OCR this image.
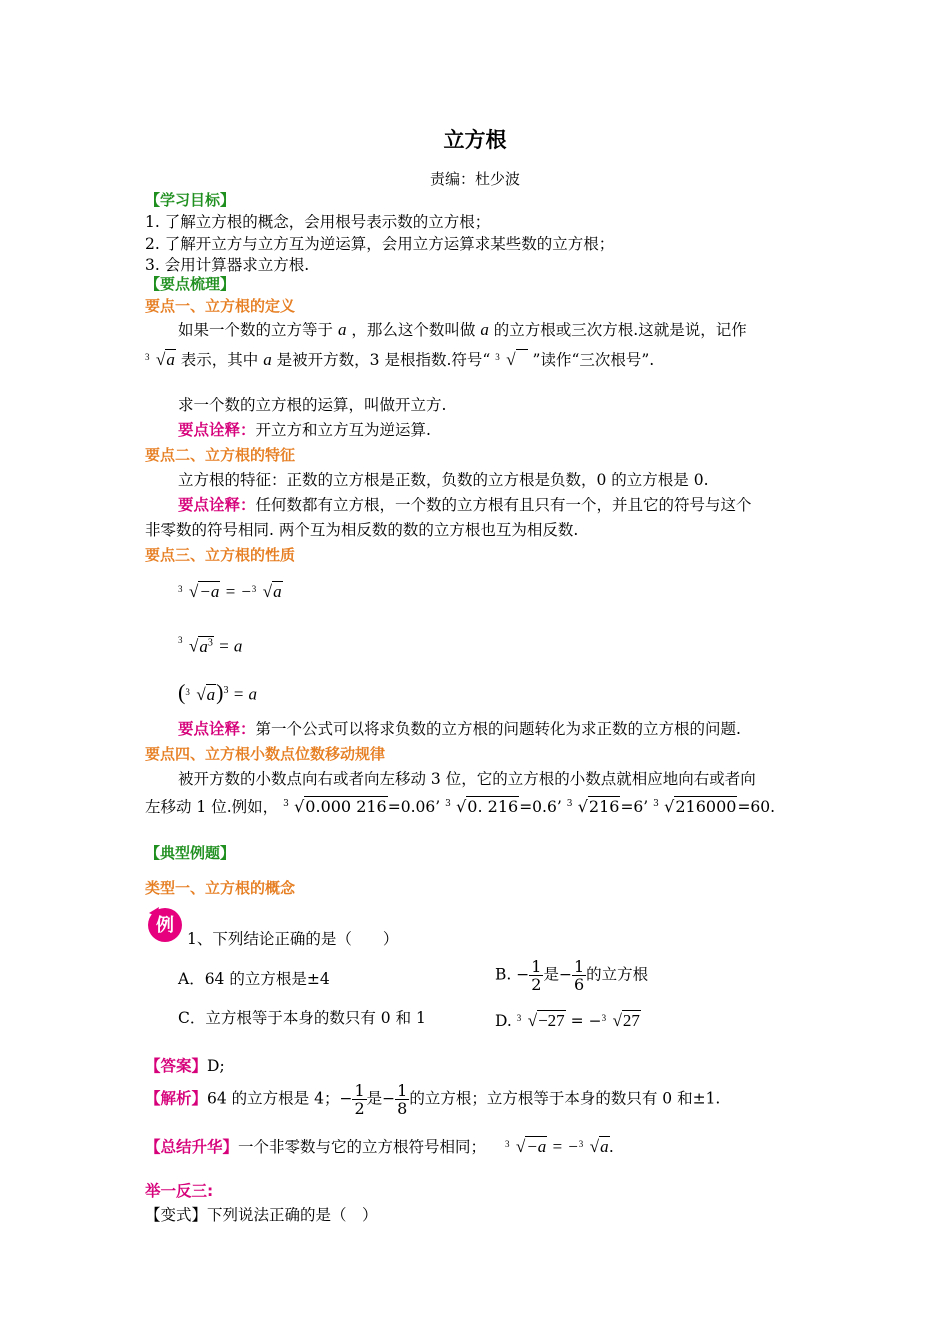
立方根
责编：杜少波
【学习目标】
1. 了解立方根的概念，会用根号表示数的立方根；
2. 了解开立方与立方互为逆运算，会用立方运算求某些数的立方根；
3. 会用计算器求立方根.
【要点梳理】
要点一、立方根的定义
如果一个数的立方等于 a ，那么这个数叫做 a 的立方根或三次方根.这就是说，记作
3 √a 表示，其中 a 是被开方数，3 是根指数.符号“ 3 √ ”读作“三次根号”.
求一个数的立方根的运算，叫做开立方.
要点诠释：开立方和立方互为逆运算.
要点二、立方根的特征
立方根的特征：正数的立方根是正数，负数的立方根是负数，0 的立方根是 0.
要点诠释：任何数都有立方根，一个数的立方根有且只有一个，并且它的符号与这个
非零数的符号相同. 两个互为相反数的数的立方根也互为相反数.
要点三、立方根的性质
3 √−a = − 3 √a
3 $√a^3 = a$
( 3 √a)$^3$ = a
要点诠释：第一个公式可以将求负数的立方根的问题转化为求正数的立方根的问题.
要点四、立方根小数点位数移动规律
被开方数的小数点向右或者向左移动 3 位，它的立方根的小数点就相应地向右或者向
左移动 1 位.例如， 3 √0.000 216=0.06’ 3 √0. 216=0.6’ 3 √216=6’ 3 √216000=60.
【典型例题】
类型一、立方根的概念
例
1、下列结论正确的是（　　）
A．64 的立方根是±4	B. − $\frac{1}{2}$ 是− $\frac{1}{6}$ 的立方根
C．立方根等于本身的数只有 0 和 1	D. 3 √−27 = − 3 √27
【答案】D;
【解析】64 的立方根是 4；− $\frac{1}{2}$ 是− $\frac{1}{8}$ 的立方根；立方根等于本身的数只有 0 和±1.
【总结升华】一个非零数与它的立方根符号相同； 3 √−a = − 3 √a.
举一反三:
【变式】下列说法正确的是（　）
